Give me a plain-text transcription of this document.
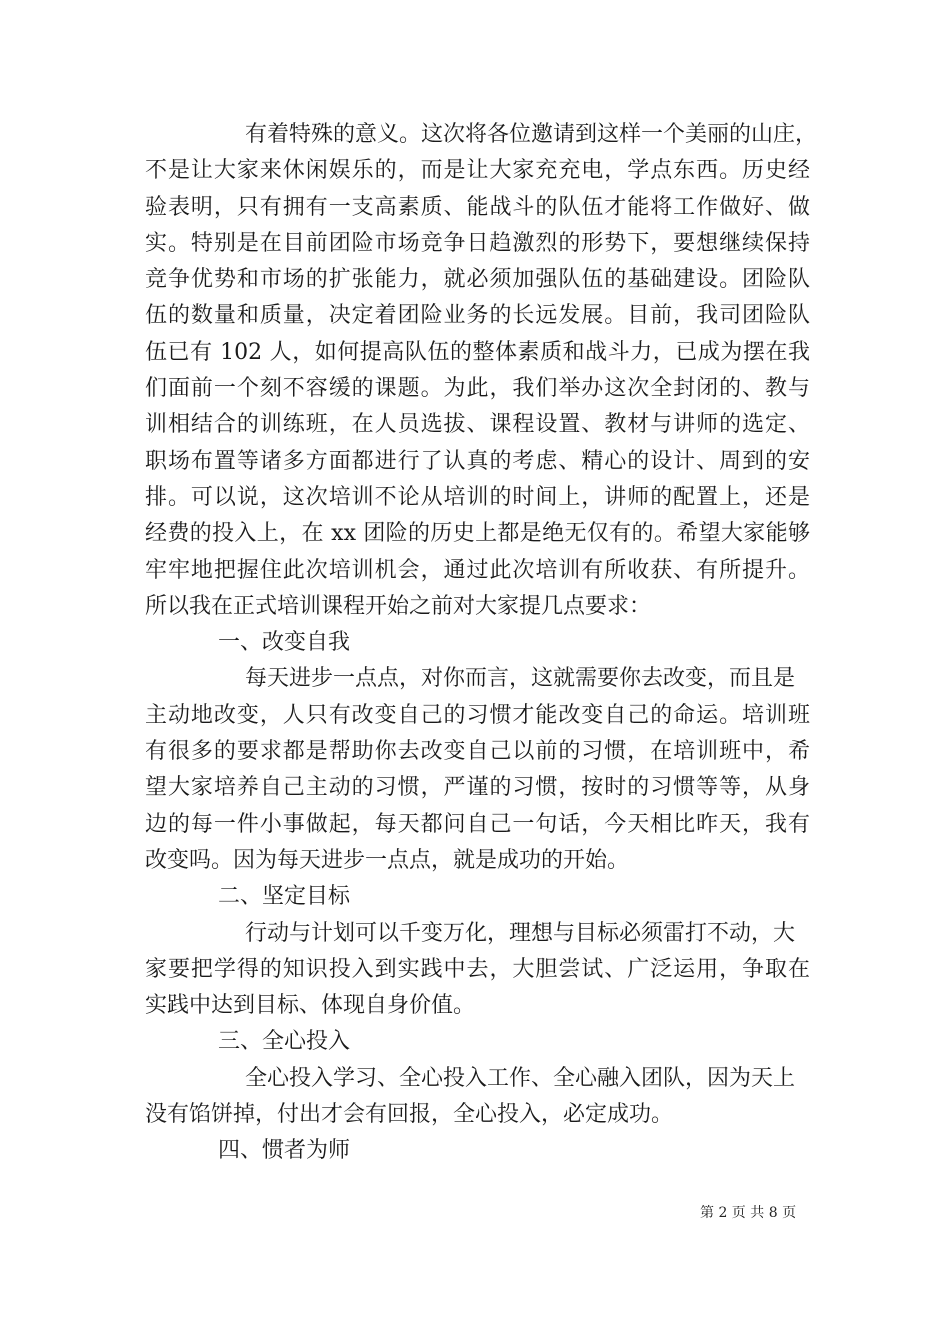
有着特殊的意义。这次将各位邀请到这样一个美丽的山庄，
不是让大家来休闲娱乐的，而是让大家充充电，学点东西。历史经
验表明，只有拥有一支高素质、能战斗的队伍才能将工作做好、做
实。特别是在目前团险市场竞争日趋激烈的形势下，要想继续保持
竞争优势和市场的扩张能力，就必须加强队伍的基础建设。团险队
伍的数量和质量，决定着团险业务的长远发展。目前，我司团险队
伍已有 102 人，如何提高队伍的整体素质和战斗力，已成为摆在我
们面前一个刻不容缓的课题。为此，我们举办这次全封闭的、教与
训相结合的训练班，在人员选拔、课程设置、教材与讲师的选定、
职场布置等诸多方面都进行了认真的考虑、精心的设计、周到的安
排。可以说，这次培训不论从培训的时间上，讲师的配置上，还是
经费的投入上，在 xx 团险的历史上都是绝无仅有的。希望大家能够
牢牢地把握住此次培训机会，通过此次培训有所收获、有所提升。
所以我在正式培训课程开始之前对大家提几点要求：
一、改变自我
每天进步一点点，对你而言，这就需要你去改变，而且是
主动地改变，人只有改变自己的习惯才能改变自己的命运。培训班
有很多的要求都是帮助你去改变自己以前的习惯，在培训班中，希
望大家培养自己主动的习惯，严谨的习惯，按时的习惯等等，从身
边的每一件小事做起，每天都问自己一句话，今天相比昨天，我有
改变吗。因为每天进步一点点，就是成功的开始。
二、坚定目标
行动与计划可以千变万化，理想与目标必须雷打不动，大
家要把学得的知识投入到实践中去，大胆尝试、广泛运用，争取在
实践中达到目标、体现自身价值。
三、全心投入
全心投入学习、全心投入工作、全心融入团队，因为天上
没有馅饼掉，付出才会有回报，全心投入，必定成功。
四、惯者为师
第 2 页 共 8 页
